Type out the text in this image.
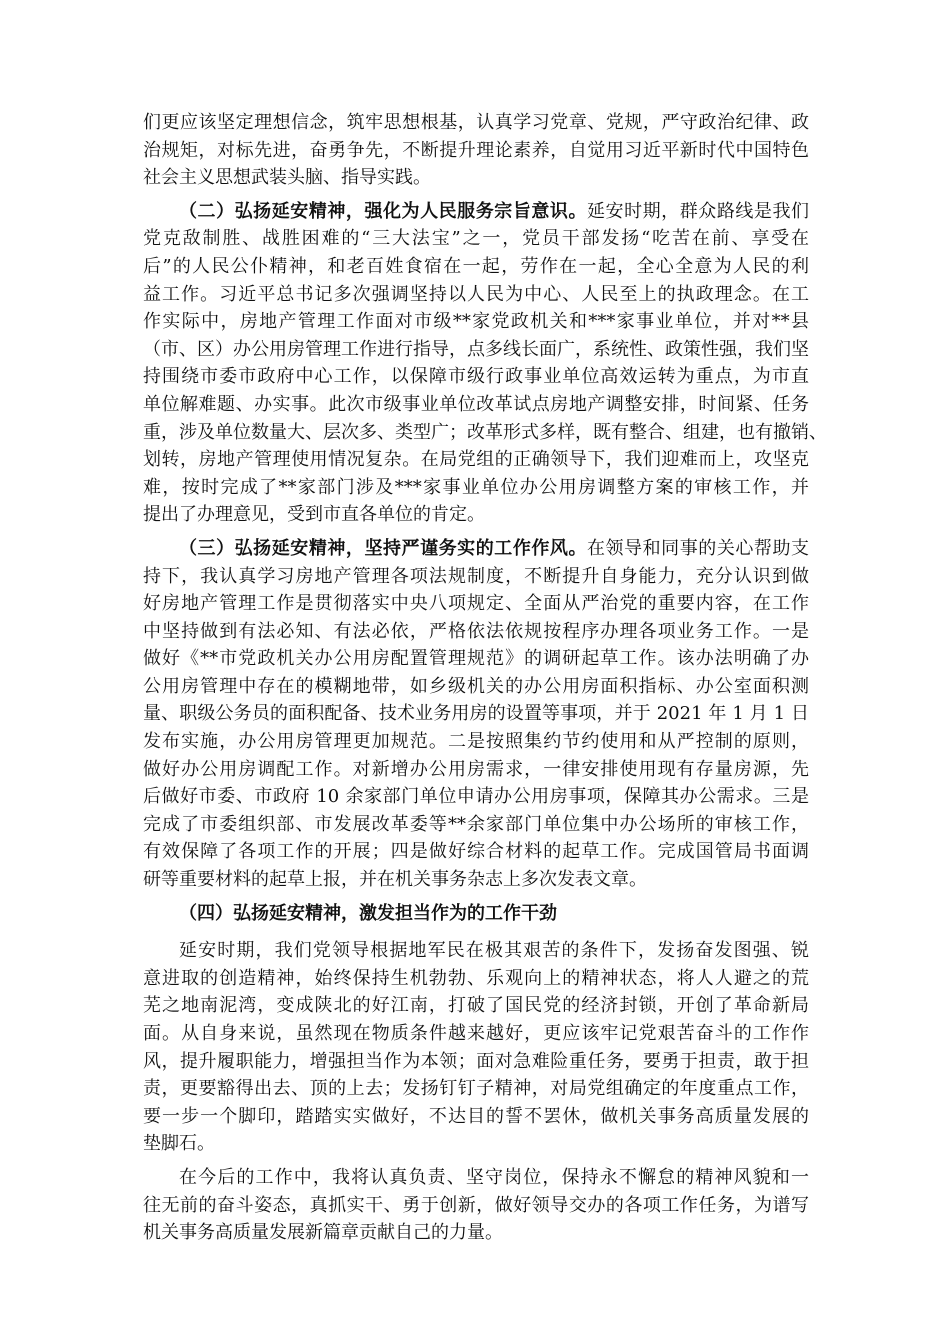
们更应该坚定理想信念，筑牢思想根基，认真学习党章、党规，严守政治纪律、政
治规矩，对标先进，奋勇争先，不断提升理论素养，自觉用习近平新时代中国特色
社会主义思想武装头脑、指导实践。
（二）弘扬延安精神，强化为人民服务宗旨意识。延安时期，群众路线是我们
党克敌制胜、战胜困难的“三大法宝”之一，党员干部发扬“吃苦在前、享受在
后”的人民公仆精神，和老百姓食宿在一起，劳作在一起，全心全意为人民的利
益工作。习近平总书记多次强调坚持以人民为中心、人民至上的执政理念。在工
作实际中，房地产管理工作面对市级**家党政机关和***家事业单位，并对**县
（市、区）办公用房管理工作进行指导，点多线长面广，系统性、政策性强，我们坚
持围绕市委市政府中心工作，以保障市级行政事业单位高效运转为重点，为市直
单位解难题、办实事。此次市级事业单位改革试点房地产调整安排，时间紧、任务
重，涉及单位数量大、层次多、类型广；改革形式多样，既有整合、组建，也有撤销、
划转，房地产管理使用情况复杂。在局党组的正确领导下，我们迎难而上，攻坚克
难，按时完成了**家部门涉及***家事业单位办公用房调整方案的审核工作，并
提出了办理意见，受到市直各单位的肯定。
（三）弘扬延安精神，坚持严谨务实的工作作风。在领导和同事的关心帮助支
持下，我认真学习房地产管理各项法规制度，不断提升自身能力，充分认识到做
好房地产管理工作是贯彻落实中央八项规定、全面从严治党的重要内容，在工作
中坚持做到有法必知、有法必依，严格依法依规按程序办理各项业务工作。一是
做好《**市党政机关办公用房配置管理规范》的调研起草工作。该办法明确了办
公用房管理中存在的模糊地带，如乡级机关的办公用房面积指标、办公室面积测
量、职级公务员的面积配备、技术业务用房的设置等事项，并于 2021 年 1 月 1 日
发布实施，办公用房管理更加规范。二是按照集约节约使用和从严控制的原则，
做好办公用房调配工作。对新增办公用房需求，一律安排使用现有存量房源，先
后做好市委、市政府 10 余家部门单位申请办公用房事项，保障其办公需求。三是
完成了市委组织部、市发展改革委等**余家部门单位集中办公场所的审核工作，
有效保障了各项工作的开展；四是做好综合材料的起草工作。完成国管局书面调
研等重要材料的起草上报，并在机关事务杂志上多次发表文章。
（四）弘扬延安精神，激发担当作为的工作干劲
延安时期，我们党领导根据地军民在极其艰苦的条件下，发扬奋发图强、锐
意进取的创造精神，始终保持生机勃勃、乐观向上的精神状态，将人人避之的荒
芜之地南泥湾，变成陕北的好江南，打破了国民党的经济封锁，开创了革命新局
面。从自身来说，虽然现在物质条件越来越好，更应该牢记党艰苦奋斗的工作作
风，提升履职能力，增强担当作为本领；面对急难险重任务，要勇于担责，敢于担
责，更要豁得出去、顶的上去；发扬钉钉子精神，对局党组确定的年度重点工作，
要一步一个脚印，踏踏实实做好，不达目的誓不罢休，做机关事务高质量发展的
垫脚石。
在今后的工作中，我将认真负责、坚守岗位，保持永不懈怠的精神风貌和一
往无前的奋斗姿态，真抓实干、勇于创新，做好领导交办的各项工作任务，为谱写
机关事务高质量发展新篇章贡献自己的力量。
